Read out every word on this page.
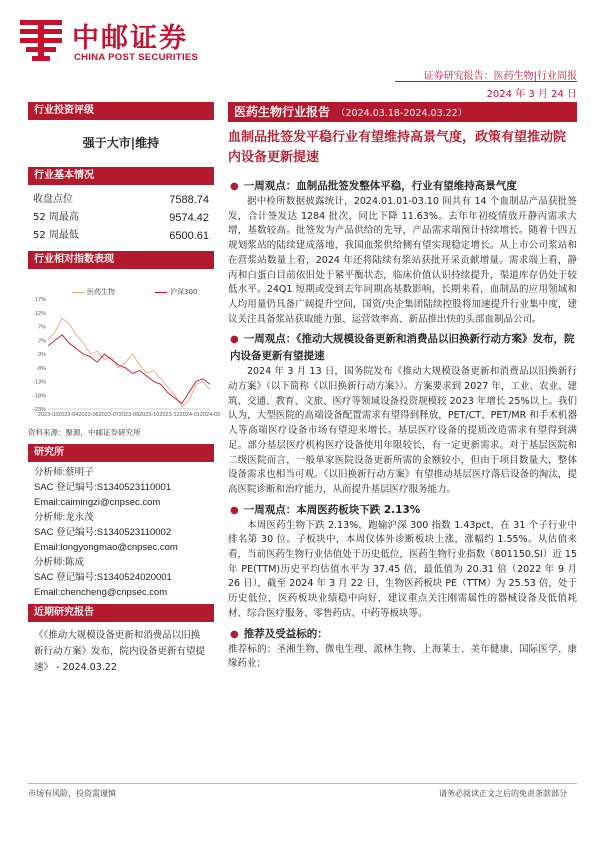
中邮证券
CHINA POST SECURITIES
证券研究报告：医药生物|行业周报
2024 年 3 月 24 日
行业投资评级
强于大市|维持
行业基本情况
收盘点位	7588.74
52 周最高	9574.42
52 周最低	6500.61
行业相对指数表现
医药生物	沪深300
17%
12%
7%
2%
-3%
-8%
-13%
-18%
-23%
2023-03 2023-04 2023-06 2023-07 2023-09 2023-10 2023-12 2024-01 2024-03
资料来源：聚源，中邮证券研究所
研究所
分析师:蔡明子
SAC 登记编号:S1340523110001
Email:caimingzi@cnpsec.com
分析师:龙永茂
SAC 登记编号:S1340523110002
Email:longyongmao@cnpsec.com
分析师:陈成
SAC 登记编号:S1340524020001
Email:chencheng@cnpsec.com
近期研究报告
《《推动大规模设备更新和消费品以旧换新行动方案》发布，院内设备更新有望提速》 - 2024.03.22
医药生物行业报告 （2024.03.18-2024.03.22）
血制品批签发平稳行业有望维持高景气度，政策有望推动院内设备更新提速
● 一周观点：血制品批签发整体平稳，行业有望维持高景气度
据中检所数据披露统计，2024.01.01-03.10 间共有 14 个血制品产品获批签发，合计签发达 1284 批次，同比下降 11.63%。去年年初疫情放开静丙需求大增，基数较高。批签发为产品供给的先导，产品需求端预计持续增长。随着十四五规划浆站的陆续建成落地，我国血浆供给侧有望实现稳定增长。从上市公司浆站和在营浆站数量上看，2024 年还将陆续有浆站获批开采贡献增量。需求端上看，静丙和白蛋白目前依旧处于紧平衡状态，临床价值认识持续提升，渠道库存仍处于较低水平。24Q1 短期或受到去年同期高基数影响，长期来看，血制品的应用领域和人均用量仍具备广阔提升空间，国资/央企集团陆续控股将加速提升行业集中度，建议关注具备浆站获取能力强、运营效率高、新品推出快的头部血制品公司。
● 一周观点：《推动大规模设备更新和消费品以旧换新行动方案》发布，院内设备更新有望提速
2024 年 3 月 13 日，国务院发布《推动大规模设备更新和消费品以旧换新行动方案》（以下简称《以旧换新行动方案》）。方案要求到 2027 年，工业、农业、建筑、交通、教育、文旅、医疗等领域设备投资规模较 2023 年增长 25%以上。我们认为，大型医院的高端设备配置需求有望得到释放，PET/CT、PET/MR 和手术机器人等高端医疗设备市场有望迎来增长。基层医疗设备的提质改造需求有望得到满足。部分基层医疗机构医疗设备使用年限较长，有一定更新需求。对于基层医院和二级医院而言，一般单家医院设备更新所需的金额较小，但由于项目数量大，整体设备需求也相当可观。《以旧换新行动方案》有望推动基层医疗落后设备的淘汰，提高医院诊断和治疗能力，从而提升基层医疗服务能力。
● 一周观点：本周医药板块下跌 2.13%
本周医药生物下跌 2.13%，跑输沪深 300 指数 1.43pct，在 31 个子行业中排名第 30 位。子板块中，本周仪体外诊断板块上涨，涨幅约 1.55%。从估值来看，当前医药生物行业估值处于历史低位，医药生物行业指数（801150.SI）近 15 年 PE(TTM)历史平均估值水平为 37.45 倍，最低值为 20.31 倍（2022 年 9 月 26 日），截至 2024 年 3 月 22 日，生物医药板块 PE（TTM）为 25.53 倍，处于历史低位，医药板块业绩稳中向好，建议重点关注刚需属性的器械设备及低值耗材、综合医疗服务、零售药店、中药等板块等。
● 推荐及受益标的：
推荐标的：圣湘生物、微电生理、派林生物、上海莱士、美年健康、国际医学、康缘药业；
市场有风险，投资需谨慎	请务必阅读正文之后的免责条款部分
